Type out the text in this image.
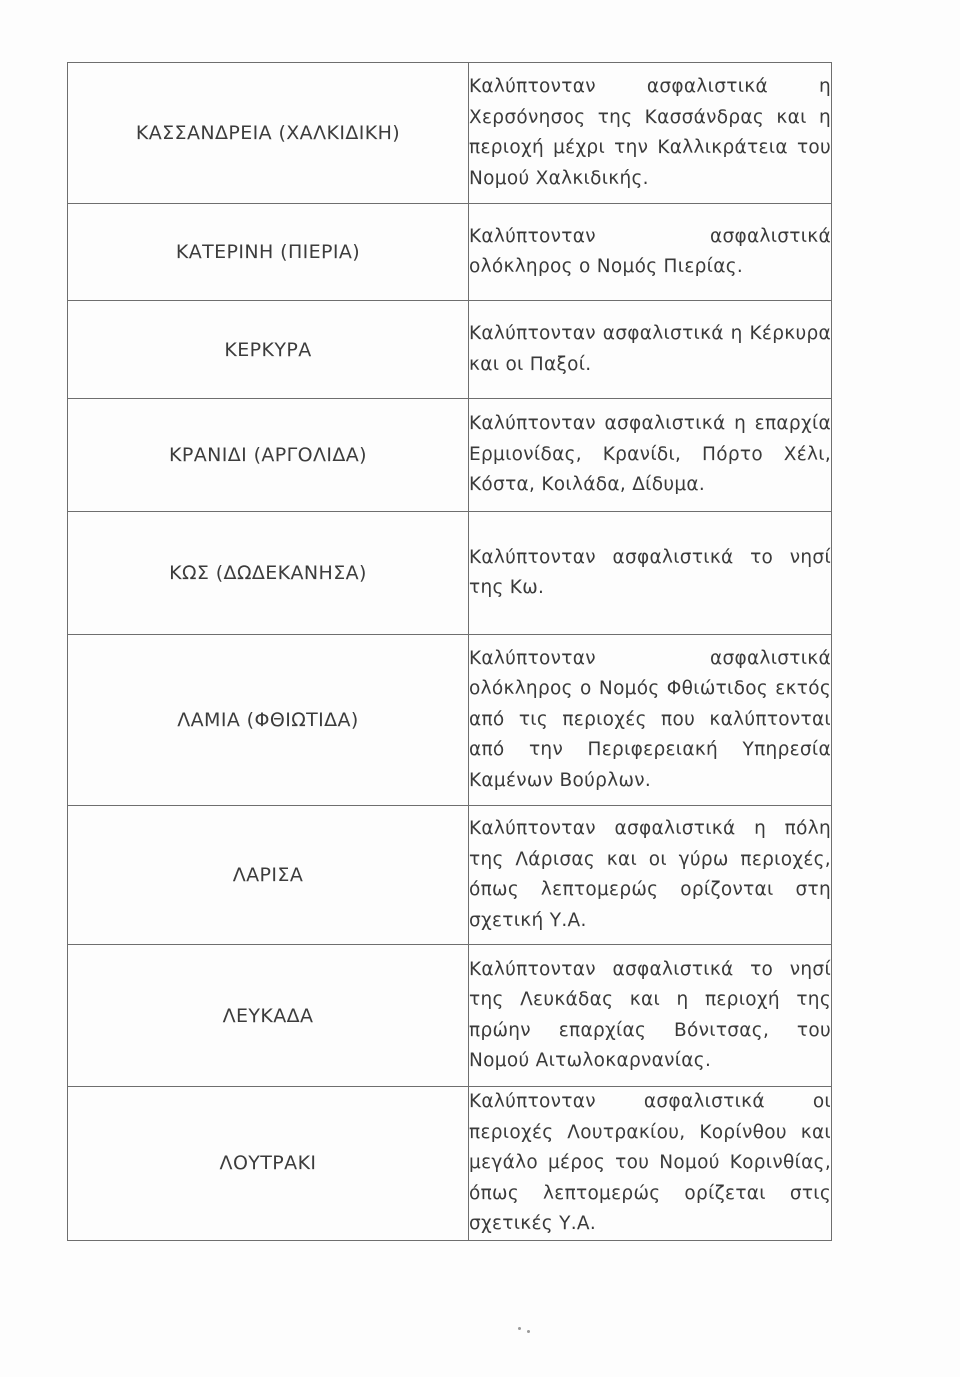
ΚΑΣΣΑΝΔΡΕΙΑ (ΧΑΛΚΙΔΙΚΗ)	Καλύπτονταν ασφαλιστικά η Χερσόνησος της Κασσάνδρας και η περιοχή μέχρι την Καλλικράτεια του Νομού Χαλκιδικής.
ΚΑΤΕΡΙΝΗ (ΠΙΕΡΙΑ)	Καλύπτονταν ασφαλιστικά ολόκληρος ο Νομός Πιερίας.
ΚΕΡΚΥΡΑ	Καλύπτονταν ασφαλιστικά η Κέρκυρα και οι Παξοί.
ΚΡΑΝΙΔΙ (ΑΡΓΟΛΙΔΑ)	Καλύπτονταν ασφαλιστικά η επαρχία Ερμιονίδας, Κρανίδι, Πόρτο Χέλι, Κόστα, Κοιλάδα, Δίδυμα.
ΚΩΣ (ΔΩΔΕΚΑΝΗΣΑ)	Καλύπτονταν ασφαλιστικά το νησί της Κω.
ΛΑΜΙΑ (ΦΘΙΩΤΙΔΑ)	Καλύπτονταν ασφαλιστικά ολόκληρος ο Νομός Φθιώτιδος εκτός από τις περιοχές που καλύπτονται από την Περιφερειακή Υπηρεσία Καμένων Βούρλων.
ΛΑΡΙΣΑ	Καλύπτονταν ασφαλιστικά η πόλη της Λάρισας και οι γύρω περιοχές, όπως λεπτομερώς ορίζονται στη σχετική Υ.Α.
ΛΕΥΚΑΔΑ	Καλύπτονταν ασφαλιστικά το νησί της Λευκάδας και η περιοχή της πρώην επαρχίας Βόνιτσας, του Νομού Αιτωλοκαρνανίας.
ΛΟΥΤΡΑΚΙ	Καλύπτονταν ασφαλιστικά οι περιοχές Λουτρακίου, Κορίνθου και μεγάλο μέρος του Νομού Κορινθίας, όπως λεπτομερώς ορίζεται στις σχετικές Υ.Α.
